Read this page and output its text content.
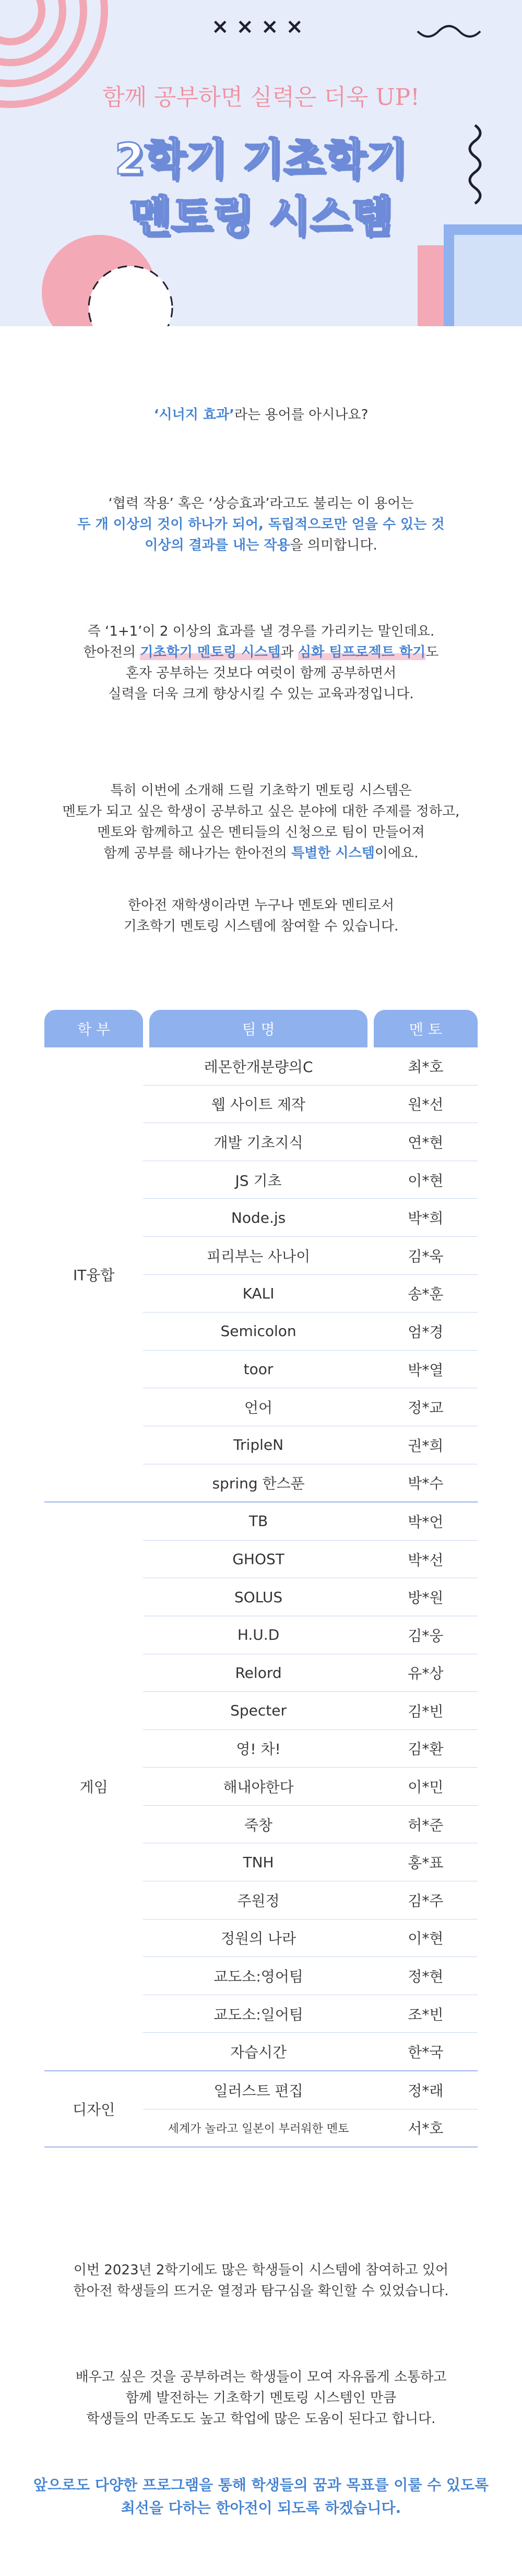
××××
함께 공부하면 실력은 더욱 UP!
2학기 기초학기
멘토링 시스템
‘시너지 효과’라는 용어를 아시나요?
‘협력 작용’ 혹은 ‘상승효과’라고도 불리는 이 용어는
두 개 이상의 것이 하나가 되어, 독립적으로만 얻을 수 있는 것
이상의 결과를 내는 작용을 의미합니다.
즉 ‘1+1’이 2 이상의 효과를 낼 경우를 가리키는 말인데요.
한아전의 기초학기 멘토링 시스템과 심화 팀프로젝트 학기도
혼자 공부하는 것보다 여럿이 함께 공부하면서
실력을 더욱 크게 향상시킬 수 있는 교육과정입니다.
특히 이번에 소개해 드릴 기초학기 멘토링 시스템은
멘토가 되고 싶은 학생이 공부하고 싶은 분야에 대한 주제를 정하고,
멘토와 함께하고 싶은 멘티들의 신청으로 팀이 만들어져
함께 공부를 해나가는 한아전의 특별한 시스템이에요.
한아전 재학생이라면 누구나 멘토와 멘티로서
기초학기 멘토링 시스템에 참여할 수 있습니다.
학 부		팀 명		멘 토
IT융합		레몬한개분량의C		최*호
		웹 사이트 제작		원*선
		개발 기초지식		연*현
		JS 기초		이*현
		Node.js		박*희
		피리부는 사나이		김*욱
		KALI		송*훈
		Semicolon		엄*경
		toor		박*열
		언어		정*교
		TripleN		권*희
		spring 한스푼		박*수
게임		TB		박*언
		GHOST		박*선
		SOLUS		방*원
		H.U.D		김*웅
		Relord		유*상
		Specter		김*빈
		영! 차!		김*환
		해내야한다		이*민
		죽창		허*준
		TNH		홍*표
		주원정		김*주
		정원의 나라		이*현
		교도소:영어팀		정*현
		교도소:일어팀		조*빈
		자습시간		한*국
디자인		일러스트 편집		정*래
		세계가 놀라고 일본이 부러워한 멘토		서*호
이번 2023년 2학기에도 많은 학생들이 시스템에 참여하고 있어
한아전 학생들의 뜨거운 열정과 탐구심을 확인할 수 있었습니다.
배우고 싶은 것을 공부하려는 학생들이 모여 자유롭게 소통하고
함께 발전하는 기초학기 멘토링 시스템인 만큼
학생들의 만족도도 높고 학업에 많은 도움이 된다고 합니다.
앞으로도 다양한 프로그램을 통해 학생들의 꿈과 목표를 이룰 수 있도록
최선을 다하는 한아전이 되도록 하겠습니다.
